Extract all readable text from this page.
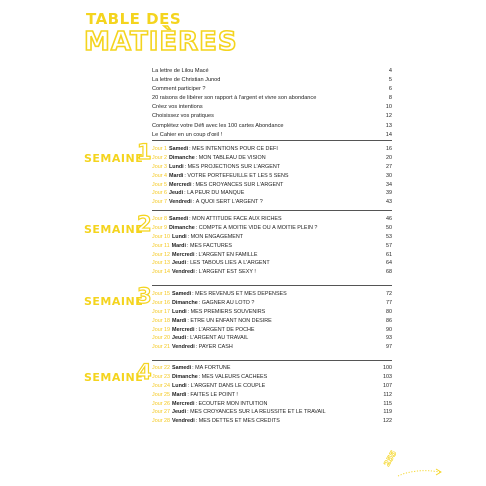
TABLE DES
MATIÈRES
La lettre de Lilou Macé	4
La lettre de Christian Junod	5
Comment participer ?	6
20 raisons de libérer son rapport à l'argent et vivre son abondance	8
Créez vos intentions	10
Choisissez vos pratiques	12
Complétez votre Défi avec les 100 cartes Abondance	13
Le Cahier en un coup d'œil !	14
SEMAINE
1 Jour 1 Samedi : MES INTENTIONS POUR CE DÉFI	16
Jour 2 Dimanche : MON TABLEAU DE VISION	20
Jour 3 Lundi : MES PROJECTIONS SUR L'ARGENT	27
Jour 4 Mardi : VOTRE PORTEFEUILLE ET LES 5 SENS	30
Jour 5 Mercredi : MES CROYANCES SUR L'ARGENT	34
Jour 6 Jeudi : LA PEUR DU MANQUE	39
Jour 7 Vendredi : À QUOI SERT L'ARGENT ?	43
SEMAINE
2 Jour 8 Samedi : MON ATTITUDE FACE AUX RICHES	46
Jour 9 Dimanche : COMPTE À MOITIÉ VIDE OU À MOITIÉ PLEIN ?	50
Jour 10 Lundi : MON ENGAGEMENT	53
Jour 11 Mardi : MES FACTURES	57
Jour 12 Mercredi : L'ARGENT EN FAMILLE	61
Jour 13 Jeudi : LES TABOUS LIÉS À L'ARGENT	64
Jour 14 Vendredi : L'ARGENT EST SEXY !	68
SEMAINE
3 Jour 15 Samedi : MES REVENUS ET MES DÉPENSES	72
Jour 16 Dimanche : GAGNER AU LOTO ?	77
Jour 17 Lundi : MES PREMIERS SOUVENIRS	80
Jour 18 Mardi : ÊTRE UN ENFANT NON DÉSIRÉ	86
Jour 19 Mercredi : L'ARGENT DE POCHE	90
Jour 20 Jeudi : L'ARGENT AU TRAVAIL	93
Jour 21 Vendredi : PAYER CASH	97
SEMAINE
4 Jour 22 Samedi : MA FORTUNE	100
Jour 23 Dimanche : MES VALEURS CACHÉES	103
Jour 24 Lundi : L'ARGENT DANS LE COUPLE	107
Jour 25 Mardi : FAITES LE POINT !	112
Jour 26 Mercredi : ÉCOUTER MON INTUITION	115
Jour 27 Jeudi : MES CROYANCES SUR LA RÉUSSITE ET LE TRAVAIL	119
Jour 28 Vendredi : MES DETTES ET MES CRÉDITS	122
255
